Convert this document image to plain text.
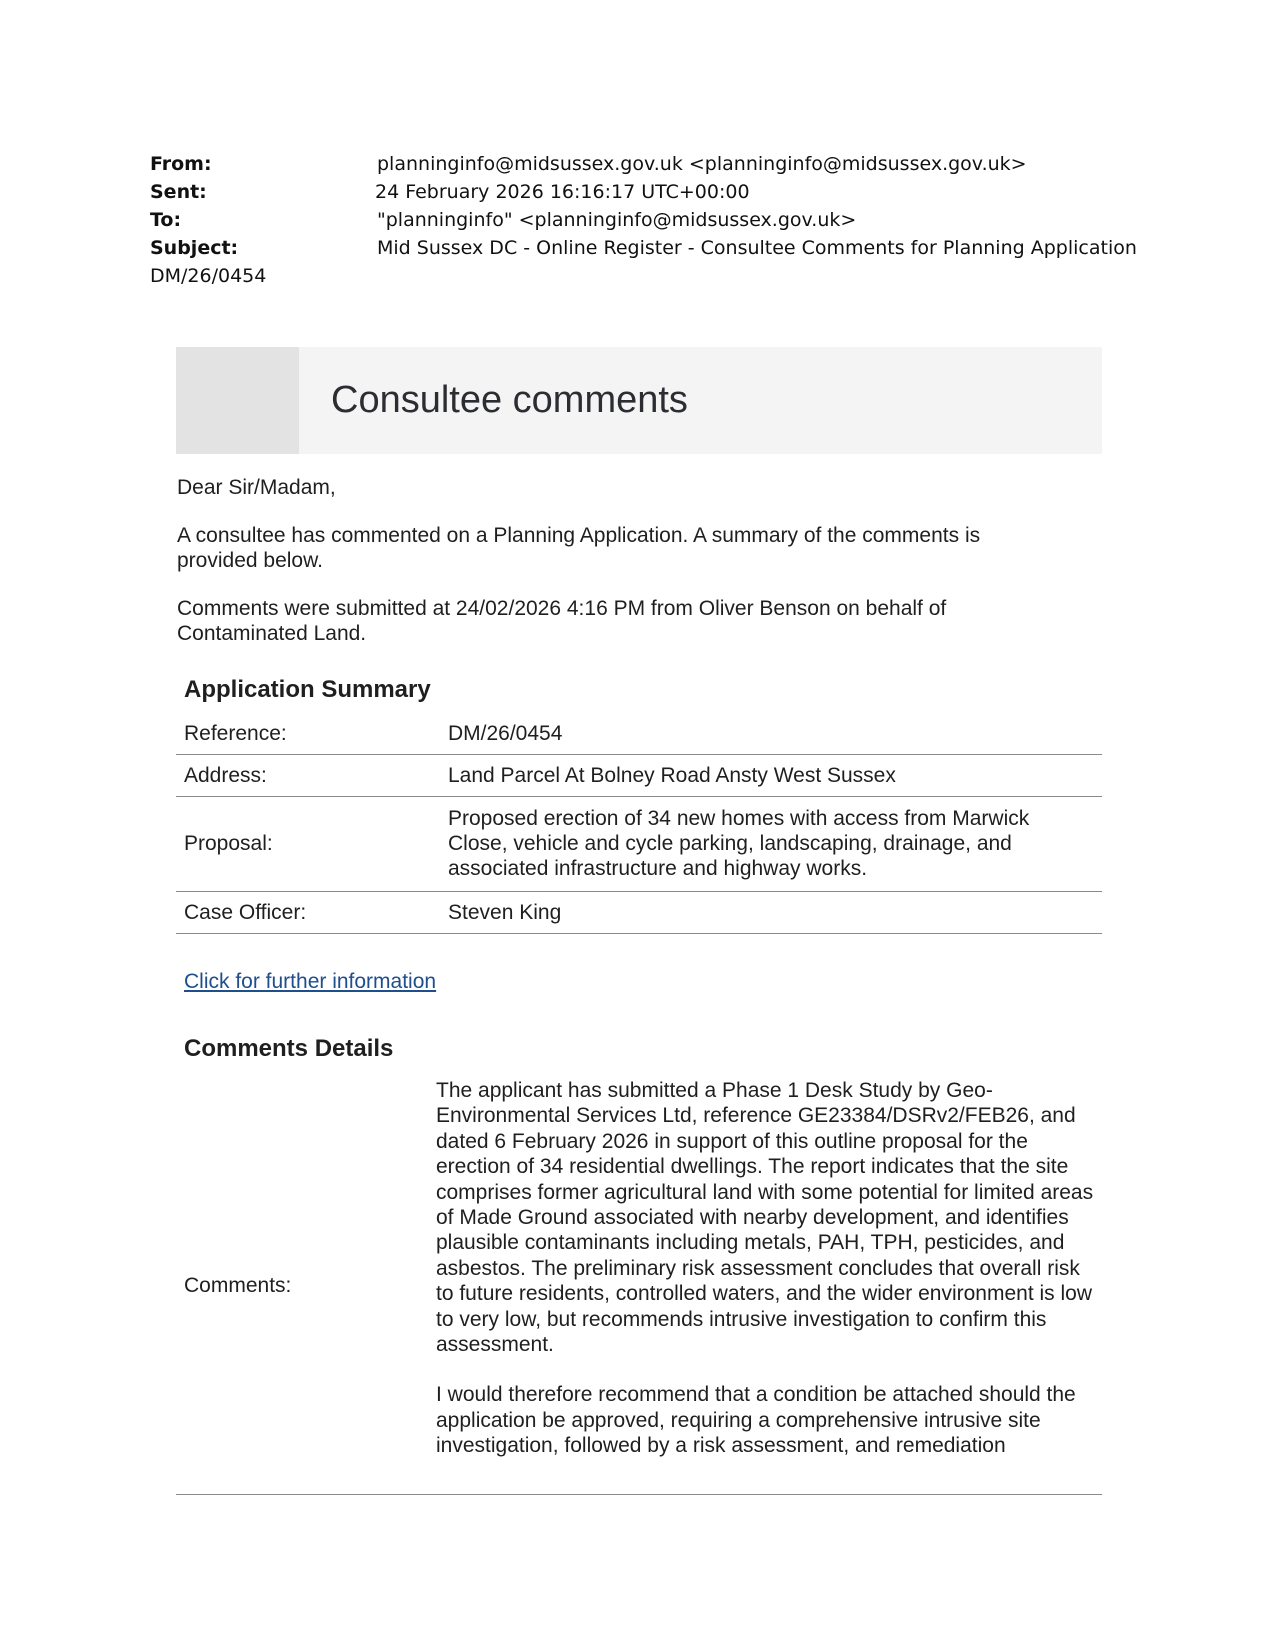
From:	planninginfo@midsussex.gov.uk <planninginfo@midsussex.gov.uk>
Sent:	24 February 2026 16:16:17 UTC+00:00
To:	"planninginfo" <planninginfo@midsussex.gov.uk>
Subject:	Mid Sussex DC - Online Register - Consultee Comments for Planning Application
DM/26/0454
Consultee comments
Dear Sir/Madam,
A consultee has commented on a Planning Application. A summary of the comments is provided below.
Comments were submitted at 24/02/2026 4:16 PM from Oliver Benson on behalf of Contaminated Land.
Application Summary
Reference:	DM/26/0454
Address:	Land Parcel At Bolney Road Ansty West Sussex
Proposal:	Proposed erection of 34 new homes with access from Marwick Close, vehicle and cycle parking, landscaping, drainage, and associated infrastructure and highway works.
Case Officer:	Steven King
Click for further information
Comments Details
Comments:

The applicant has submitted a Phase 1 Desk Study by Geo-Environmental Services Ltd, reference GE23384/DSRv2/FEB26, and dated 6 February 2026 in support of this outline proposal for the erection of 34 residential dwellings. The report indicates that the site comprises former agricultural land with some potential for limited areas of Made Ground associated with nearby development, and identifies plausible contaminants including metals, PAH, TPH, pesticides, and asbestos. The preliminary risk assessment concludes that overall risk to future residents, controlled waters, and the wider environment is low to very low, but recommends intrusive investigation to confirm this assessment.

I would therefore recommend that a condition be attached should the application be approved, requiring a comprehensive intrusive site investigation, followed by a risk assessment, and remediation
